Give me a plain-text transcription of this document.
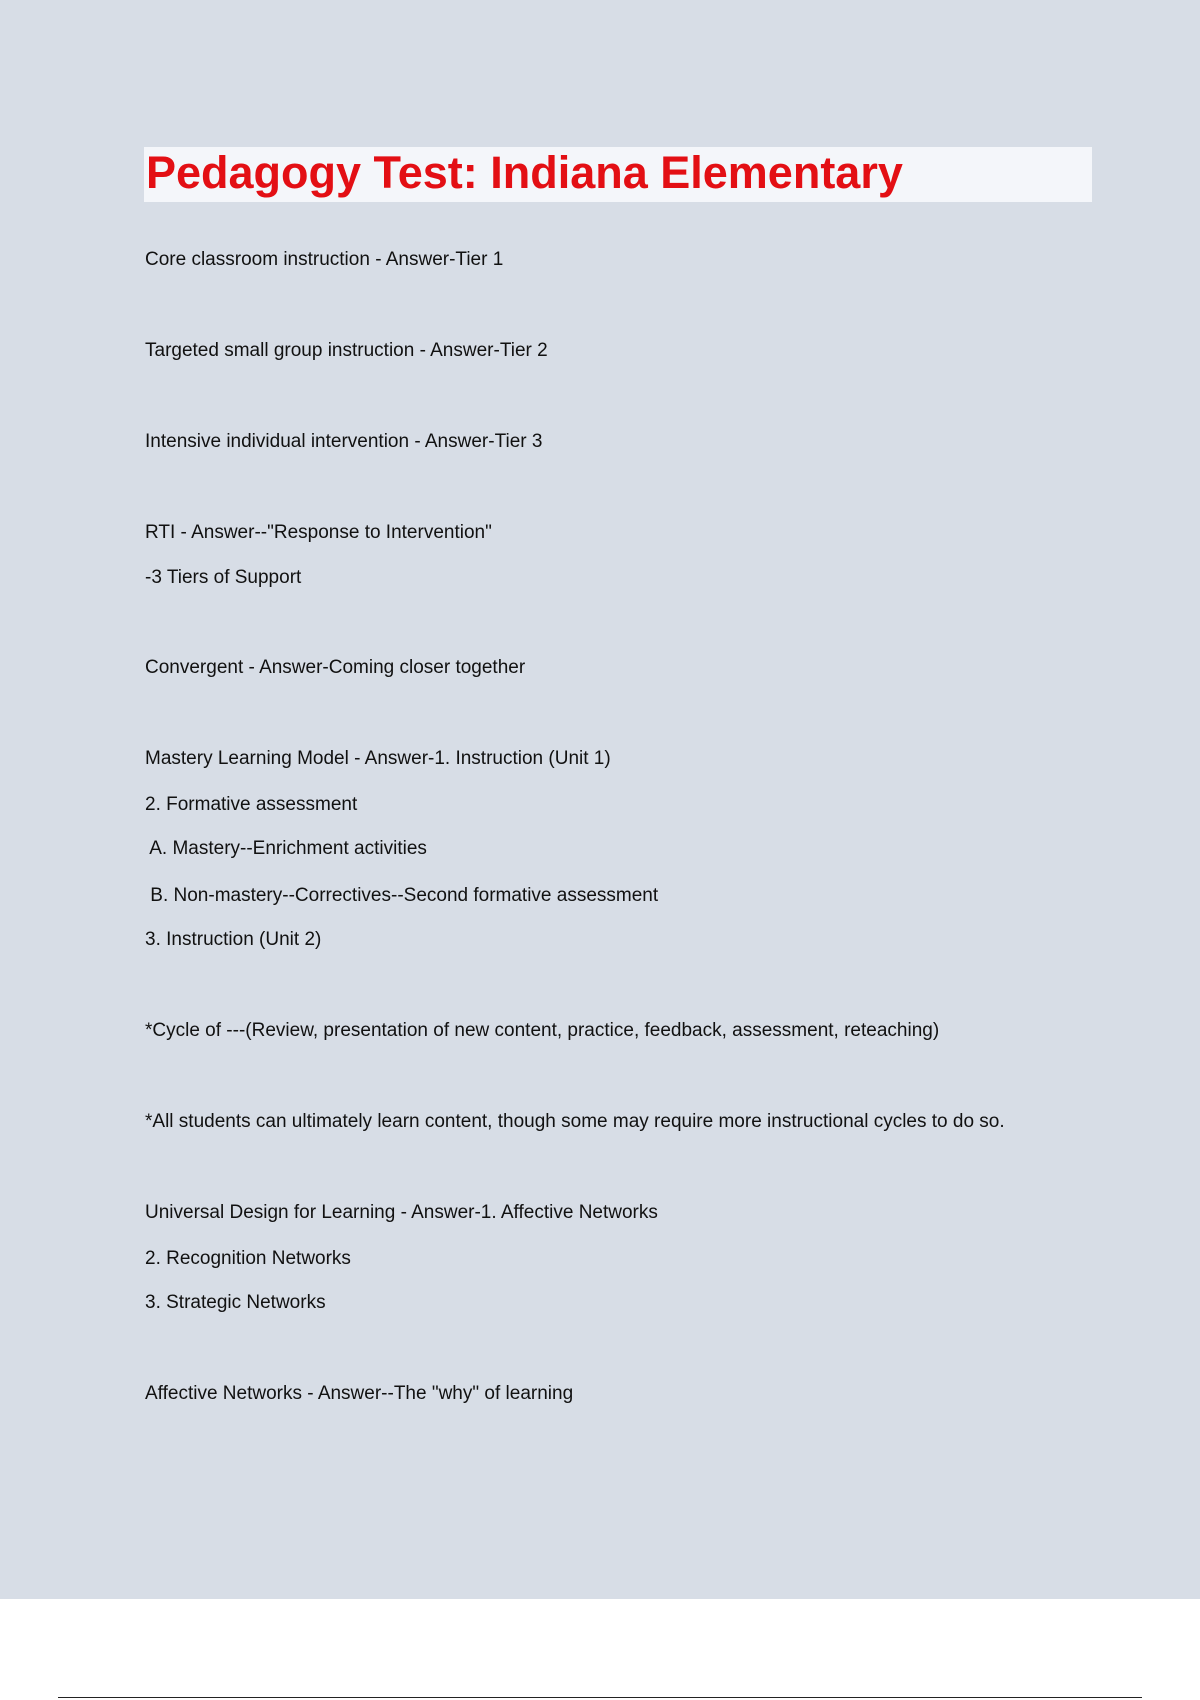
Pedagogy Test: Indiana Elementary

Core classroom instruction - Answer-Tier 1

Targeted small group instruction - Answer-Tier 2

Intensive individual intervention - Answer-Tier 3

RTI - Answer--"Response to Intervention"

-3 Tiers of Support

Convergent - Answer-Coming closer together

Mastery Learning Model - Answer-1. Instruction (Unit 1)

2. Formative assessment

A. Mastery--Enrichment activities

B. Non-mastery--Correctives--Second formative assessment

3. Instruction (Unit 2)

*Cycle of ---(Review, presentation of new content, practice, feedback, assessment, reteaching)

*All students can ultimately learn content, though some may require more instructional cycles to do so.

Universal Design for Learning - Answer-1. Affective Networks

2. Recognition Networks

3. Strategic Networks

Affective Networks - Answer--The "why" of learning
